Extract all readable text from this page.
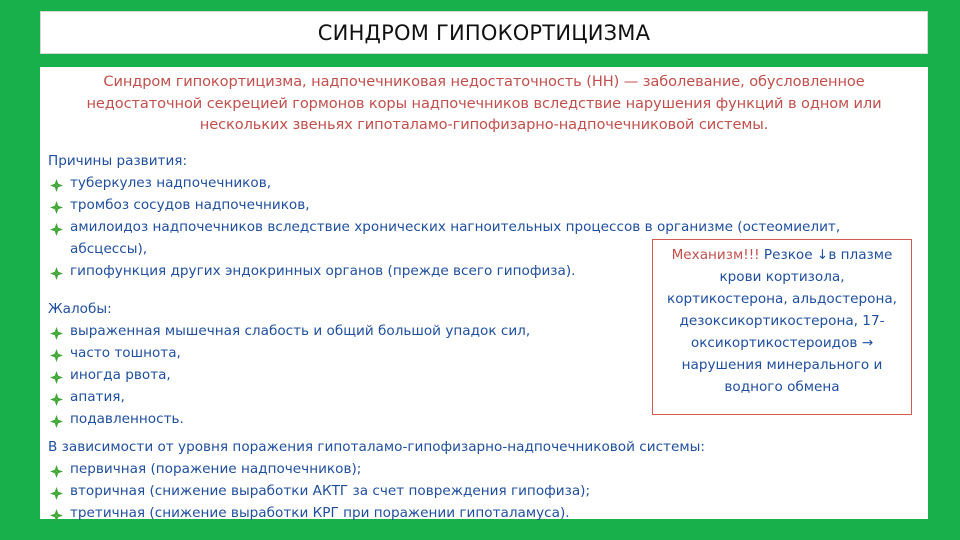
СИНДРОМ ГИПОКОРТИЦИЗМА

Синдром гипокортицизма, надпочечниковая недостаточность (НН) — заболевание, обусловленное недостаточной секрецией гормонов коры надпочечников вследствие нарушения функций в одном или нескольких звеньях гипоталамо-гипофизарно-надпочечниковой системы.

Причины развития:

туберкулез надпочечников,
тромбоз сосудов надпочечников,
амилоидоз надпочечников вследствие хронических нагноительных процессов в организме (остеомиелит, абсцессы),
гипофункция других эндокринных органов (прежде всего гипофиза).

Жалобы:

выраженная мышечная слабость и общий большой упадок сил,
часто тошнота,
иногда рвота,
апатия,
подавленность.

В зависимости от уровня поражения гипоталамо-гипофизарно-надпочечниковой системы:

первичная (поражение надпочечников);
вторичная (снижение выработки АКТГ за счет повреждения гипофиза);
третичная (снижение выработки КРГ при поражении гипоталамуса).
Механизм!!! Резкое ↓в плазме крови кортизола, кортикостерона, альдостерона, дезоксикортикостерона, 17-оксикортикостероидов → нарушения минерального и водного обмена
